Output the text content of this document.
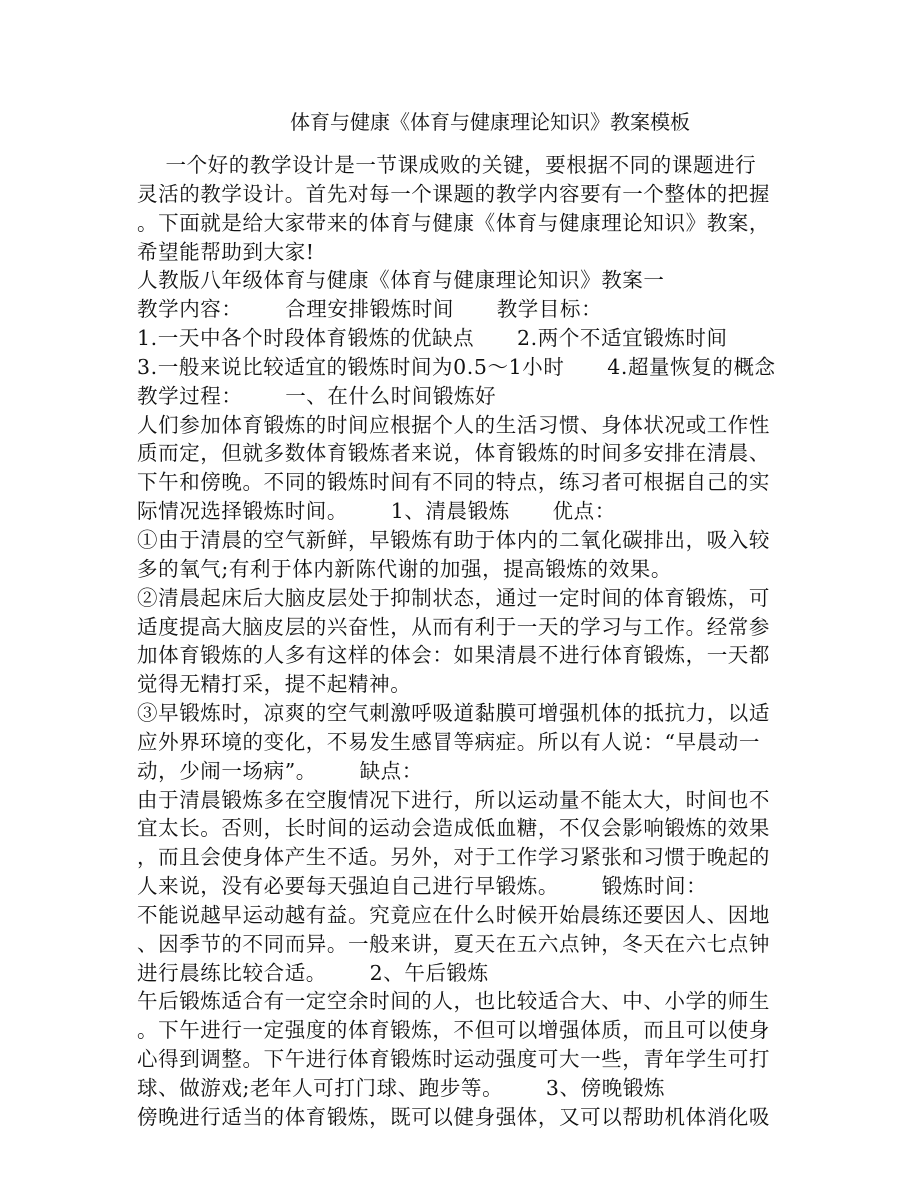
体育与健康《体育与健康理论知识》教案模板
一个好的教学设计是一节课成败的关键，要根据不同的课题进行
灵活的教学设计。首先对每一个课题的教学内容要有一个整体的把握
。下面就是给大家带来的体育与健康《体育与健康理论知识》教案，
希望能帮助到大家!
人教版八年级体育与健康《体育与健康理论知识》教案一
教学内容：      合理安排锻炼时间      教学目标：
1.一天中各个时段体育锻炼的优缺点      2.两个不适宜锻炼时间
3.一般来说比较适宜的锻炼时间为0.5～1小时      4.超量恢复的概念
教学过程：      一、在什么时间锻炼好
人们参加体育锻炼的时间应根据个人的生活习惯、身体状况或工作性
质而定，但就多数体育锻炼者来说，体育锻炼的时间多安排在清晨、
下午和傍晚。不同的锻炼时间有不同的特点，练习者可根据自己的实
际情况选择锻炼时间。      1、清晨锻炼      优点：
①由于清晨的空气新鲜，早锻炼有助于体内的二氧化碳排出，吸入较
多的氧气;有利于体内新陈代谢的加强，提高锻炼的效果。
②清晨起床后大脑皮层处于抑制状态，通过一定时间的体育锻炼，可
适度提高大脑皮层的兴奋性，从而有利于一天的学习与工作。经常参
加体育锻炼的人多有这样的体会：如果清晨不进行体育锻炼，一天都
觉得无精打采，提不起精神。
③早锻炼时，凉爽的空气刺激呼吸道黏膜可增强机体的抵抗力，以适
应外界环境的变化，不易发生感冒等病症。所以有人说：“早晨动一
动，少闹一场病”。      缺点：
由于清晨锻炼多在空腹情况下进行，所以运动量不能太大，时间也不
宜太长。否则，长时间的运动会造成低血糖，不仅会影响锻炼的效果
，而且会使身体产生不适。另外，对于工作学习紧张和习惯于晚起的
人来说，没有必要每天强迫自己进行早锻炼。      锻炼时间：
不能说越早运动越有益。究竟应在什么时候开始晨练还要因人、因地
、因季节的不同而异。一般来讲，夏天在五六点钟，冬天在六七点钟
进行晨练比较合适。      2、午后锻炼
午后锻炼适合有一定空余时间的人，也比较适合大、中、小学的师生
。下午进行一定强度的体育锻炼，不但可以增强体质，而且可以使身
心得到调整。下午进行体育锻炼时运动强度可大一些，青年学生可打
球、做游戏;老年人可打门球、跑步等。      3、傍晚锻炼
傍晚进行适当的体育锻炼，既可以健身强体，又可以帮助机体消化吸
